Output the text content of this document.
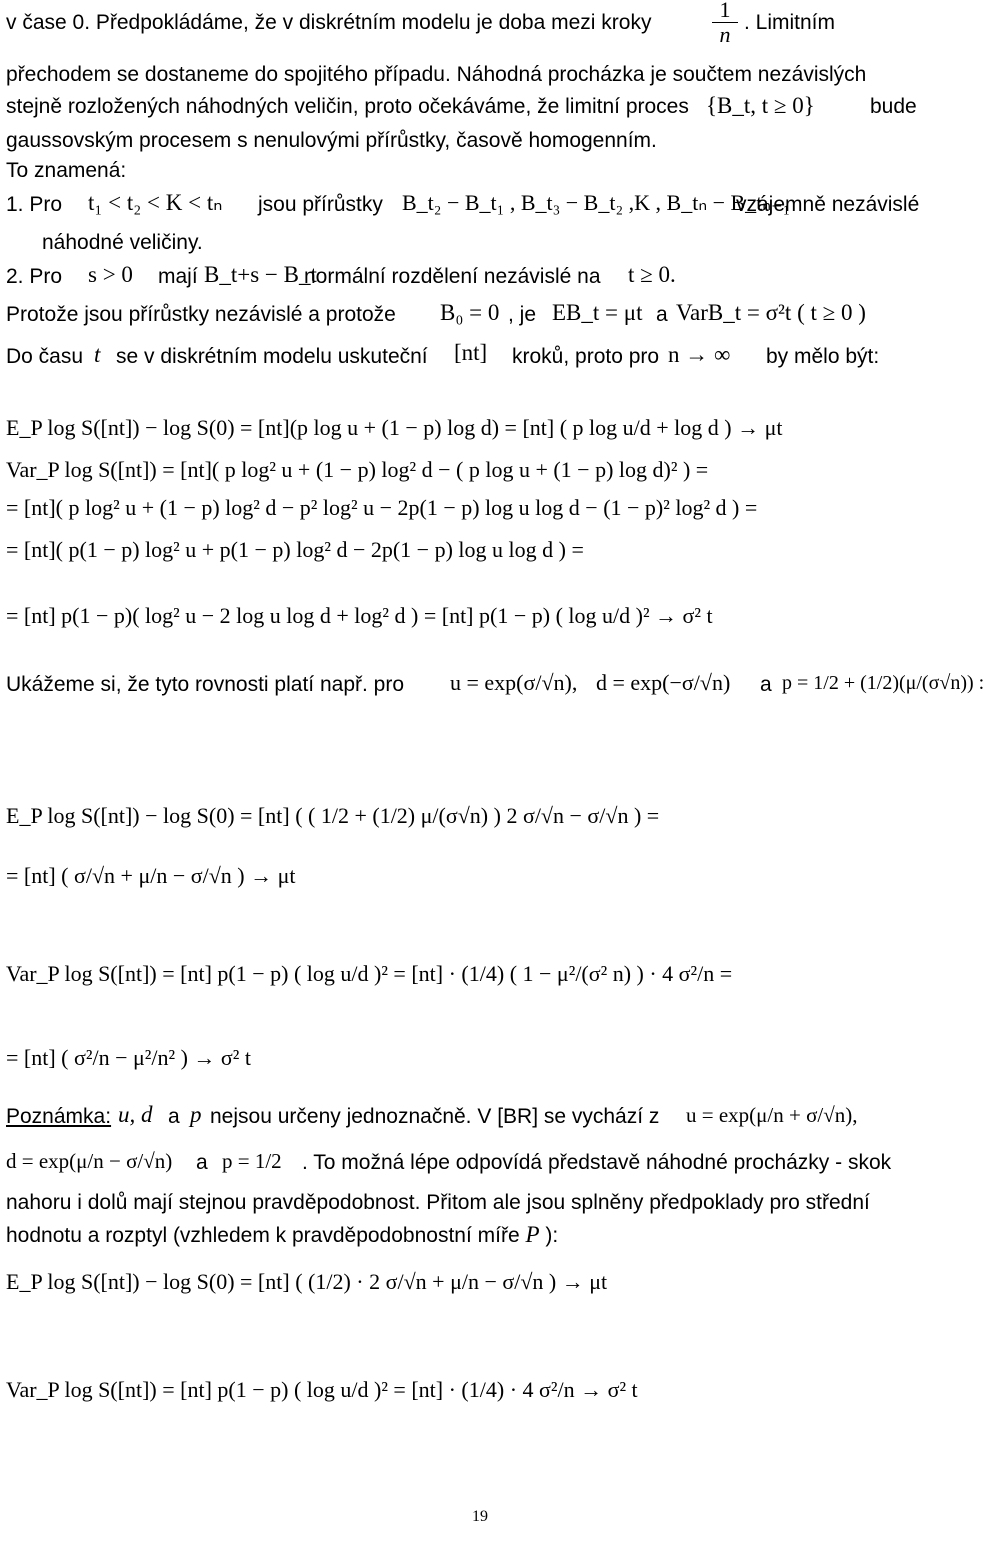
v čase 0. Předpokládáme, že v diskrétním modelu je doba mezi kroky	$\frac{1}{n}$ . Limitním
přechodem se dostaneme do spojitého případu. Náhodná procházka je součtem nezávislých
stejně rozložených náhodných veličin, proto očekáváme, že limitní proces {B_t, t ≥ 0}	bude
gaussovským procesem s nenulovými přírůstky, časově homogenním.
To znamená:
1. Pro t₁ < t₂ < K < tₙ jsou přírůstky B_t₂ − B_t₁ , B_t₃ − B_t₂ ,K , B_tₙ − B_tₙ₋₁
vzájemně nezávislé
náhodné veličiny.
2. Pro s > 0 mají B_t+s − B_t
normální rozdělení nezávislé na t ≥ 0.
Protože jsou přírůstky nezávislé a protože B₀ = 0 , je EB_t = μt a VarB_t = σ²t ( t ≥ 0 )
Do času t se v diskrétním modelu uskuteční [nt] kroků, proto pro n → ∞ by mělo být:
E_P log S([nt]) − log S(0) = [nt](p log u + (1 − p) log d) = [nt] ( p log u/d + log d ) → μt
Var_P log S([nt]) = [nt]( p log² u + (1 − p) log² d − ( p log u + (1 − p) log d)² ) =
= [nt]( p log² u + (1 − p) log² d − p² log² u − 2p(1 − p) log u log d − (1 − p)² log² d ) =
= [nt]( p(1 − p) log² u + p(1 − p) log² d − 2p(1 − p) log u log d ) =
= [nt] p(1 − p)( log² u − 2 log u log d + log² d ) = [nt] p(1 − p) ( log u/d )² → σ² t
Ukážeme si, že tyto rovnosti platí např. pro u = exp(σ/√n), d = exp(−σ/√n) a p = 1/2 + (1/2)(μ/(σ√n)) :
E_P log S([nt]) − log S(0) = [nt] ( ( 1/2 + (1/2) μ/(σ√n) ) 2 σ/√n − σ/√n ) =
= [nt] ( σ/√n + μ/n − σ/√n ) → μt
Var_P log S([nt]) = [nt] p(1 − p) ( log u/d )² = [nt] · (1/4) ( 1 − μ²/(σ² n) ) · 4 σ²/n =
= [nt] ( σ²/n − μ²/n² ) → σ² t
Poznámka: u, d a p nejsou určeny jednoznačně. V [BR] se vychází z u = exp(μ/n + σ/√n),
d = exp(μ/n − σ/√n) a p = 1/2 . To možná lépe odpovídá představě náhodné procházky - skok
nahoru i dolů mají stejnou pravděpodobnost. Přitom ale jsou splněny předpoklady pro střední
hodnotu a rozptyl (vzhledem k pravděpodobnostní míře P ):
E_P log S([nt]) − log S(0) = [nt] ( (1/2) · 2 σ/√n + μ/n − σ/√n ) → μt
Var_P log S([nt]) = [nt] p(1 − p) ( log u/d )² = [nt] · (1/4) · 4 σ²/n → σ² t
19
